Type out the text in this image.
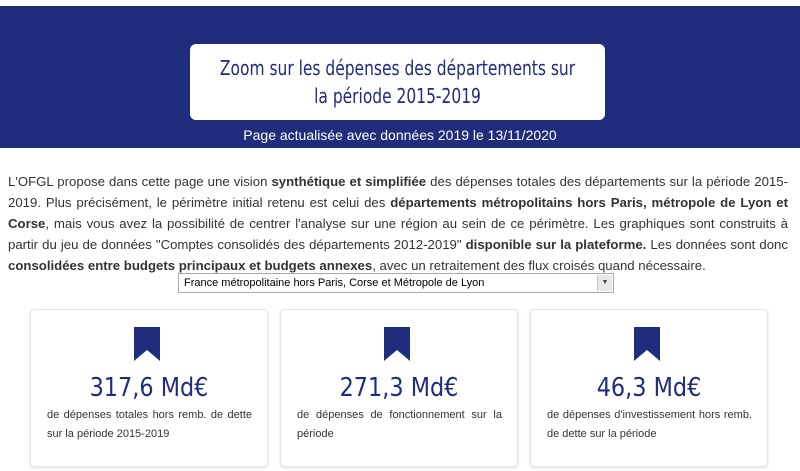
Zoom sur les dépenses des départements sur la période 2015-2019
Page actualisée avec données 2019 le 13/11/2020
L'OFGL propose dans cette page une vision synthétique et simplifiée des dépenses totales des départements sur la période 2015-2019. Plus précisément, le périmètre initial retenu est celui des départements métropolitains hors Paris, métropole de Lyon et Corse, mais vous avez la possibilité de centrer l'analyse sur une région au sein de ce périmètre. Les graphiques sont construits à partir du jeu de données "Comptes consolidés des départements 2012-2019" disponible sur la plateforme. Les données sont donc consolidées entre budgets principaux et budgets annexes, avec un retraitement des flux croisés quand nécessaire.
France métropolitaine hors Paris, Corse et Métropole de Lyon	▼
317,6 Md€
de dépenses totales hors remb. de dette sur la période 2015-2019
271,3 Md€
de dépenses de fonctionnement sur la période
46,3 Md€
de dépenses d'investissement hors remb. de dette sur la période
